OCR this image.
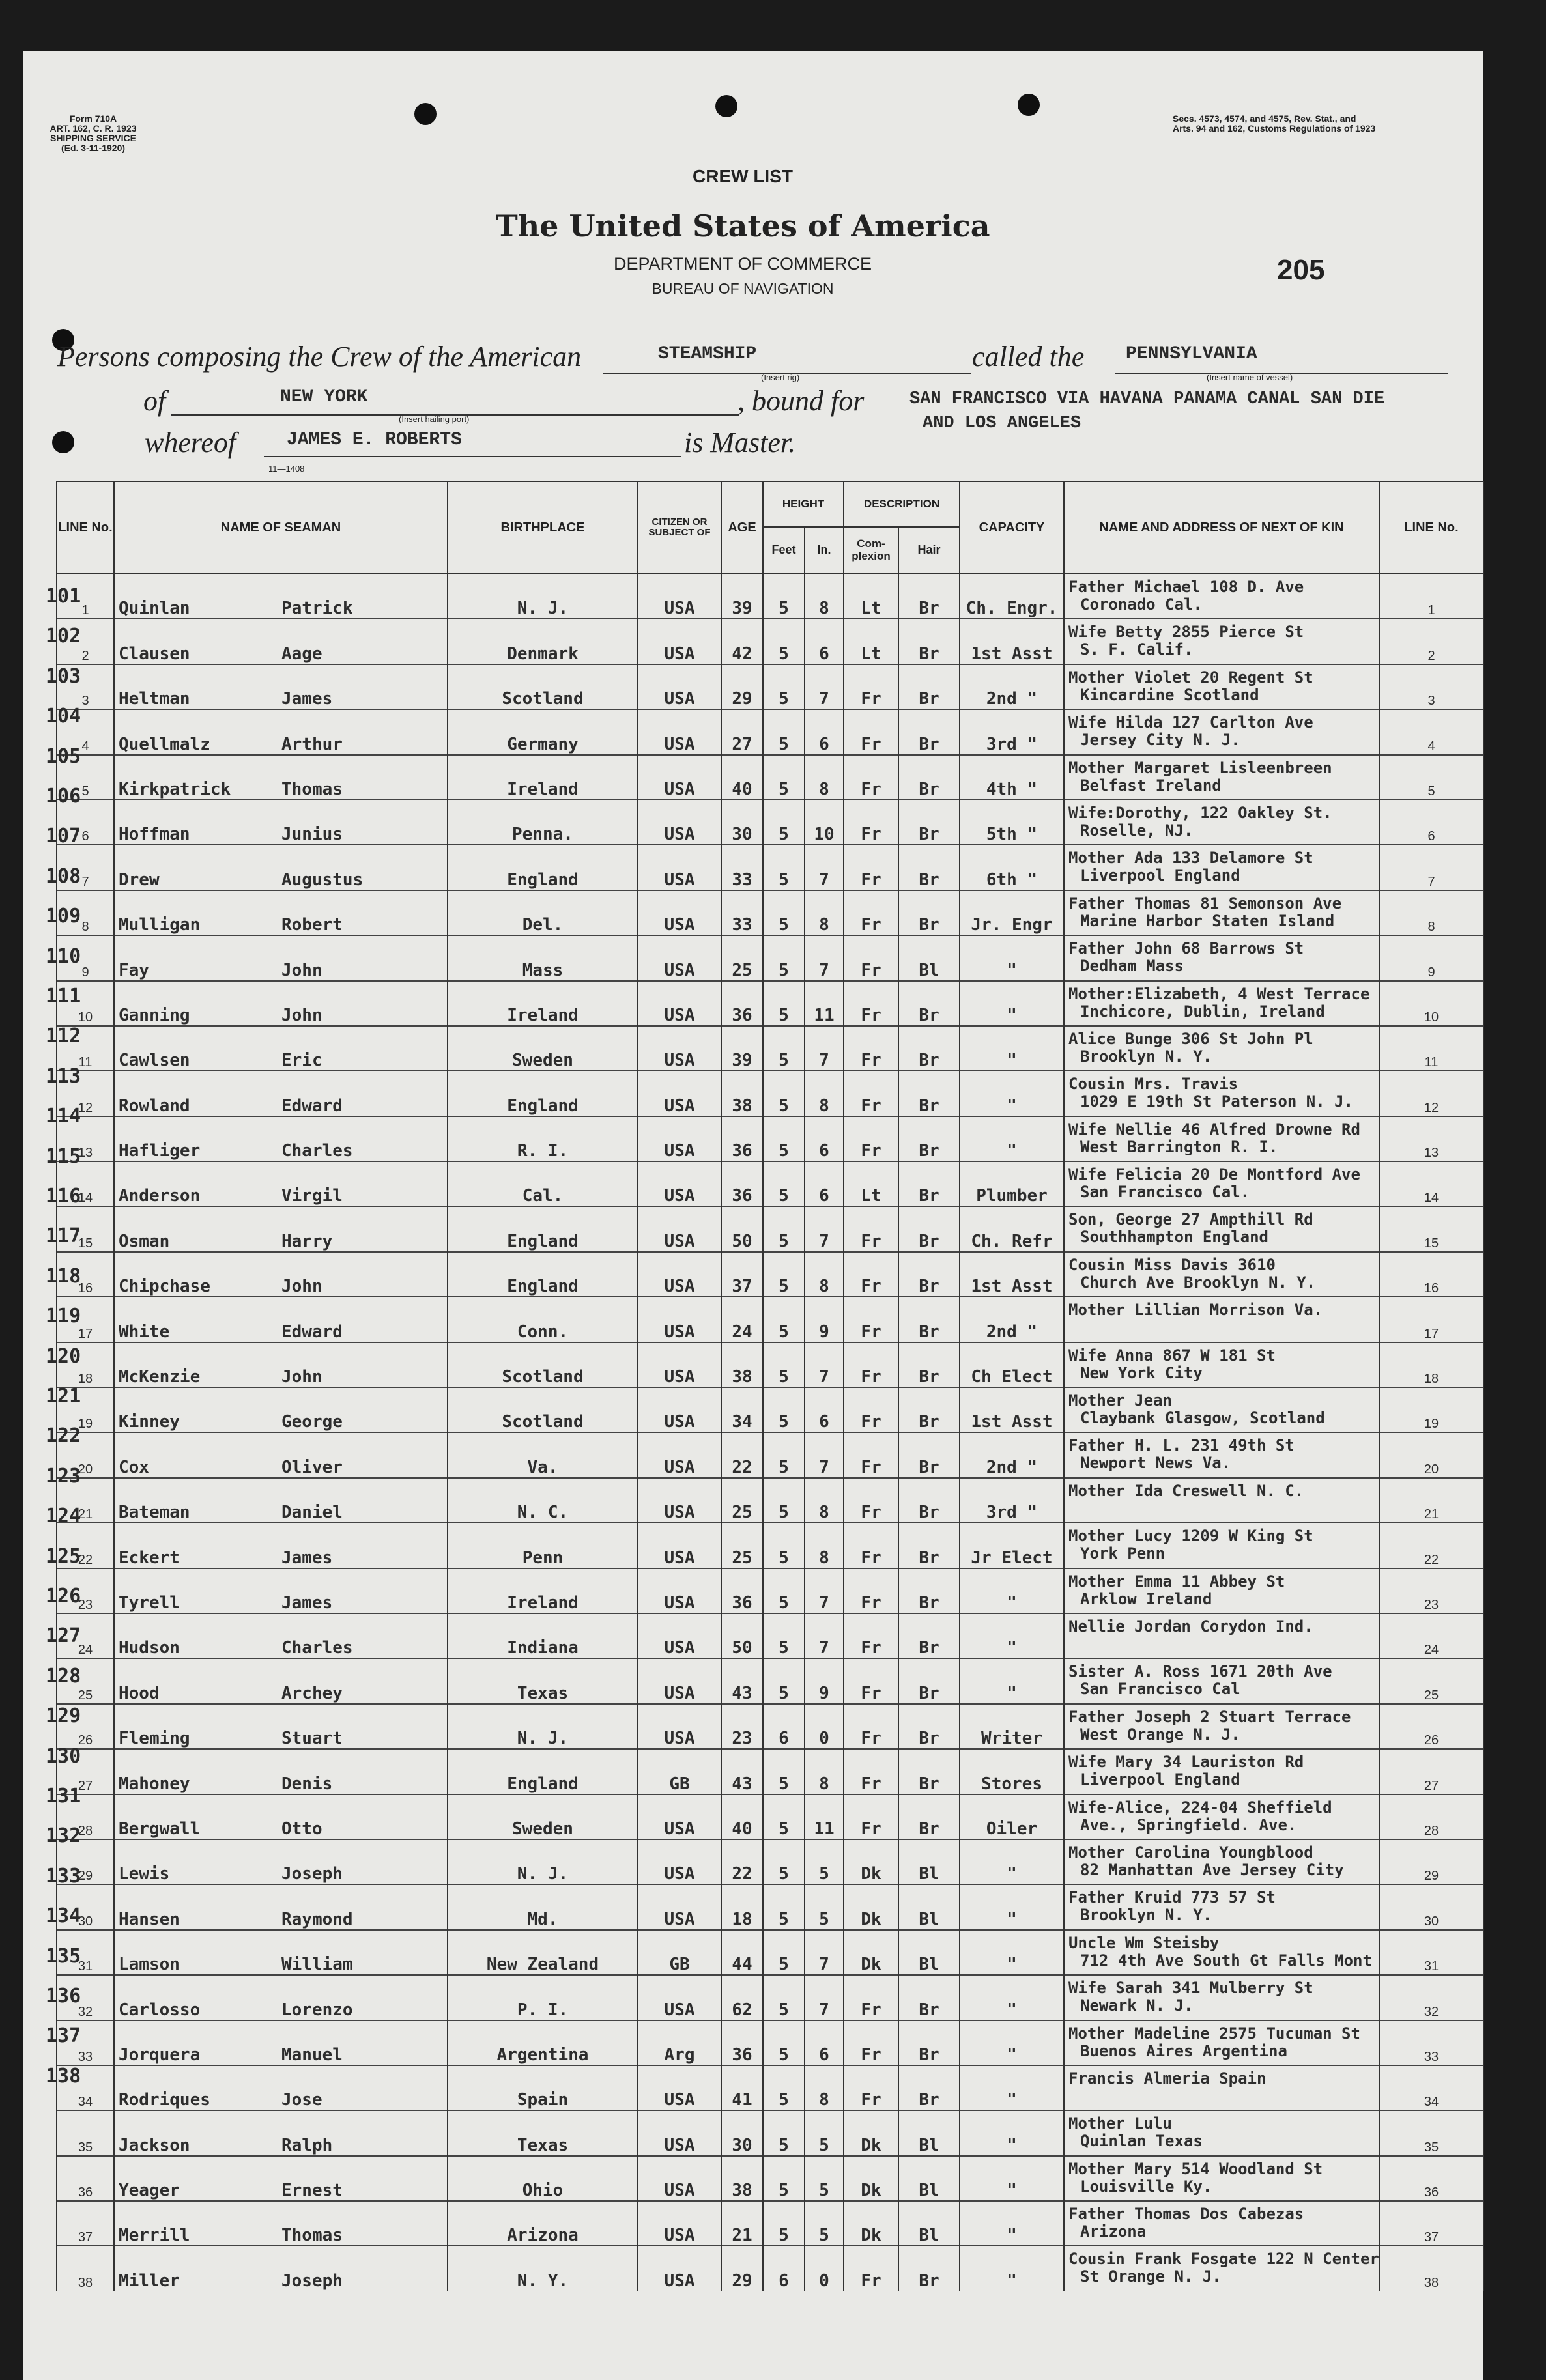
Form 710A
ART. 162, C. R. 1923
SHIPPING SERVICE
(Ed. 3-11-1920)
Secs. 4573, 4574, and 4575, Rev. Stat., and
Arts. 94 and 162, Customs Regulations of 1923
CREW LIST
The United States of America
DEPARTMENT OF COMMERCE
BUREAU OF NAVIGATION
205
Persons composing the Crew of the American	STEAMSHIP
(Insert rig)
called the PENNSYLVANIA
(Insert name of vessel)
of	NEW YORK
(Insert hailing port)
, bound for	SAN FRANCISCO VIA HAVANA PANAMA CANAL SAN DIE
AND LOS ANGELES
whereof	JAMES E. ROBERTS	is Master.
11—1408
LINE No.	NAME OF SEAMAN	BIRTHPLACE	CITIZEN OR SUBJECT OF	AGE	HEIGHT		DESCRIPTION		CAPACITY	NAME AND ADDRESS OF NEXT OF KIN	LINE No.
					Feet	In.	Com- plexion	Hair			
1	Quinlan Patrick	N. J.	USA	39	5	8	Lt	Br	Ch. Engr.	Father Michael 108 D. Ave
Coronado Cal.	1
2	Clausen Aage	Denmark	USA	42	5	6	Lt	Br	1st Asst	Wife Betty 2855 Pierce St
S. F. Calif.	2
3	Heltman James	Scotland	USA	29	5	7	Fr	Br	2nd "	Mother Violet 20 Regent St
Kincardine Scotland	3
4	Quellmalz Arthur	Germany	USA	27	5	6	Fr	Br	3rd "	Wife Hilda 127 Carlton Ave
Jersey City N. J.	4
5	Kirkpatrick Thomas	Ireland	USA	40	5	8	Fr	Br	4th "	Mother Margaret Lisleenbreen
Belfast Ireland	5
6	Hoffman Junius	Penna.	USA	30	5	10	Fr	Br	5th "	Wife:Dorothy, 122 Oakley St.
Roselle, NJ.	6
7	Drew Augustus	England	USA	33	5	7	Fr	Br	6th "	Mother Ada 133 Delamore St
Liverpool England	7
8	Mulligan Robert	Del.	USA	33	5	8	Fr	Br	Jr. Engr	Father Thomas 81 Semonson Ave
Marine Harbor Staten Island	8
9	Fay John	Mass	USA	25	5	7	Fr	Bl	"	Father John 68 Barrows St
Dedham Mass	9
10	Ganning John	Ireland	USA	36	5	11	Fr	Br	"	Mother:Elizabeth, 4 West Terrace
Inchicore, Dublin, Ireland	10
11	Cawlsen Eric	Sweden	USA	39	5	7	Fr	Br	"	Alice Bunge 306 St John Pl
Brooklyn N. Y.	11
12	Rowland Edward	England	USA	38	5	8	Fr	Br	"	Cousin Mrs. Travis
1029 E 19th St Paterson N. J.	12
13	Hafliger Charles	R. I.	USA	36	5	6	Fr	Br	"	Wife Nellie 46 Alfred Drowne Rd
West Barrington R. I.	13
14	Anderson Virgil	Cal.	USA	36	5	6	Lt	Br	Plumber	Wife Felicia 20 De Montford Ave
San Francisco Cal.	14
15	Osman Harry	England	USA	50	5	7	Fr	Br	Ch. Refr	Son, George 27 Ampthill Rd
Southhampton England	15
16	Chipchase John	England	USA	37	5	8	Fr	Br	1st Asst	Cousin Miss Davis 3610
Church Ave Brooklyn N. Y.	16
17	White Edward	Conn.	USA	24	5	9	Fr	Br	2nd "	Mother Lillian Morrison Va.	17
18	McKenzie John	Scotland	USA	38	5	7	Fr	Br	Ch Elect	Wife Anna 867 W 181 St
New York City	18
19	Kinney George	Scotland	USA	34	5	6	Fr	Br	1st Asst	Mother Jean
Claybank Glasgow, Scotland	19
20	Cox Oliver	Va.	USA	22	5	7	Fr	Br	2nd "	Father H. L. 231 49th St
Newport News Va.	20
21	Bateman Daniel	N. C.	USA	25	5	8	Fr	Br	3rd "	Mother Ida Creswell N. C.	21
22	Eckert James	Penn	USA	25	5	8	Fr	Br	Jr Elect	Mother Lucy 1209 W King St
York Penn	22
23	Tyrell James	Ireland	USA	36	5	7	Fr	Br	"	Mother Emma 11 Abbey St
Arklow Ireland	23
24	Hudson Charles	Indiana	USA	50	5	7	Fr	Br	"	Nellie Jordan Corydon Ind.	24
25	Hood Archey	Texas	USA	43	5	9	Fr	Br	"	Sister A. Ross 1671 20th Ave
San Francisco Cal	25
26	Fleming Stuart	N. J.	USA	23	6	0	Fr	Br	Writer	Father Joseph 2 Stuart Terrace
West Orange N. J.	26
27	Mahoney Denis	England	GB	43	5	8	Fr	Br	Stores	Wife Mary 34 Lauriston Rd
Liverpool England	27
28	Bergwall Otto	Sweden	USA	40	5	11	Fr	Br	Oiler	Wife-Alice, 224-04 Sheffield
Ave., Springfield. Ave.	28
29	Lewis Joseph	N. J.	USA	22	5	5	Dk	Bl	"	Mother Carolina Youngblood
82 Manhattan Ave Jersey City	29
30	Hansen Raymond	Md.	USA	18	5	5	Dk	Bl	"	Father Kruid 773 57 St
Brooklyn N. Y.	30
31	Lamson William	New Zealand	GB	44	5	7	Dk	Bl	"	Uncle Wm Steisby
712 4th Ave South Gt Falls Mont	31
32	Carlosso Lorenzo	P. I.	USA	62	5	7	Fr	Br	"	Wife Sarah 341 Mulberry St
Newark N. J.	32
33	Jorquera Manuel	Argentina	Arg	36	5	6	Fr	Br	"	Mother Madeline 2575 Tucuman St
Buenos Aires Argentina	33
34	Rodriques Jose	Spain	USA	41	5	8	Fr	Br	"	Francis Almeria Spain	34
35	Jackson Ralph	Texas	USA	30	5	5	Dk	Bl	"	Mother Lulu
Quinlan Texas	35
36	Yeager Ernest	Ohio	USA	38	5	5	Dk	Bl	"	Mother Mary 514 Woodland St
Louisville Ky.	36
37	Merrill Thomas	Arizona	USA	21	5	5	Dk	Bl	"	Father Thomas Dos Cabezas
Arizona	37
38	Miller Joseph	N. Y.	USA	29	6	0	Fr	Br	"	Cousin Frank Fosgate 122 N Center
St Orange N. J.	38
101
102
103
104
105
106
107
108
109
110
111
112
113
114
115
116
117
118
119
120
121
122
123
124
125
126
127
128
129
130
131
132
133
134
135
136
137
138
